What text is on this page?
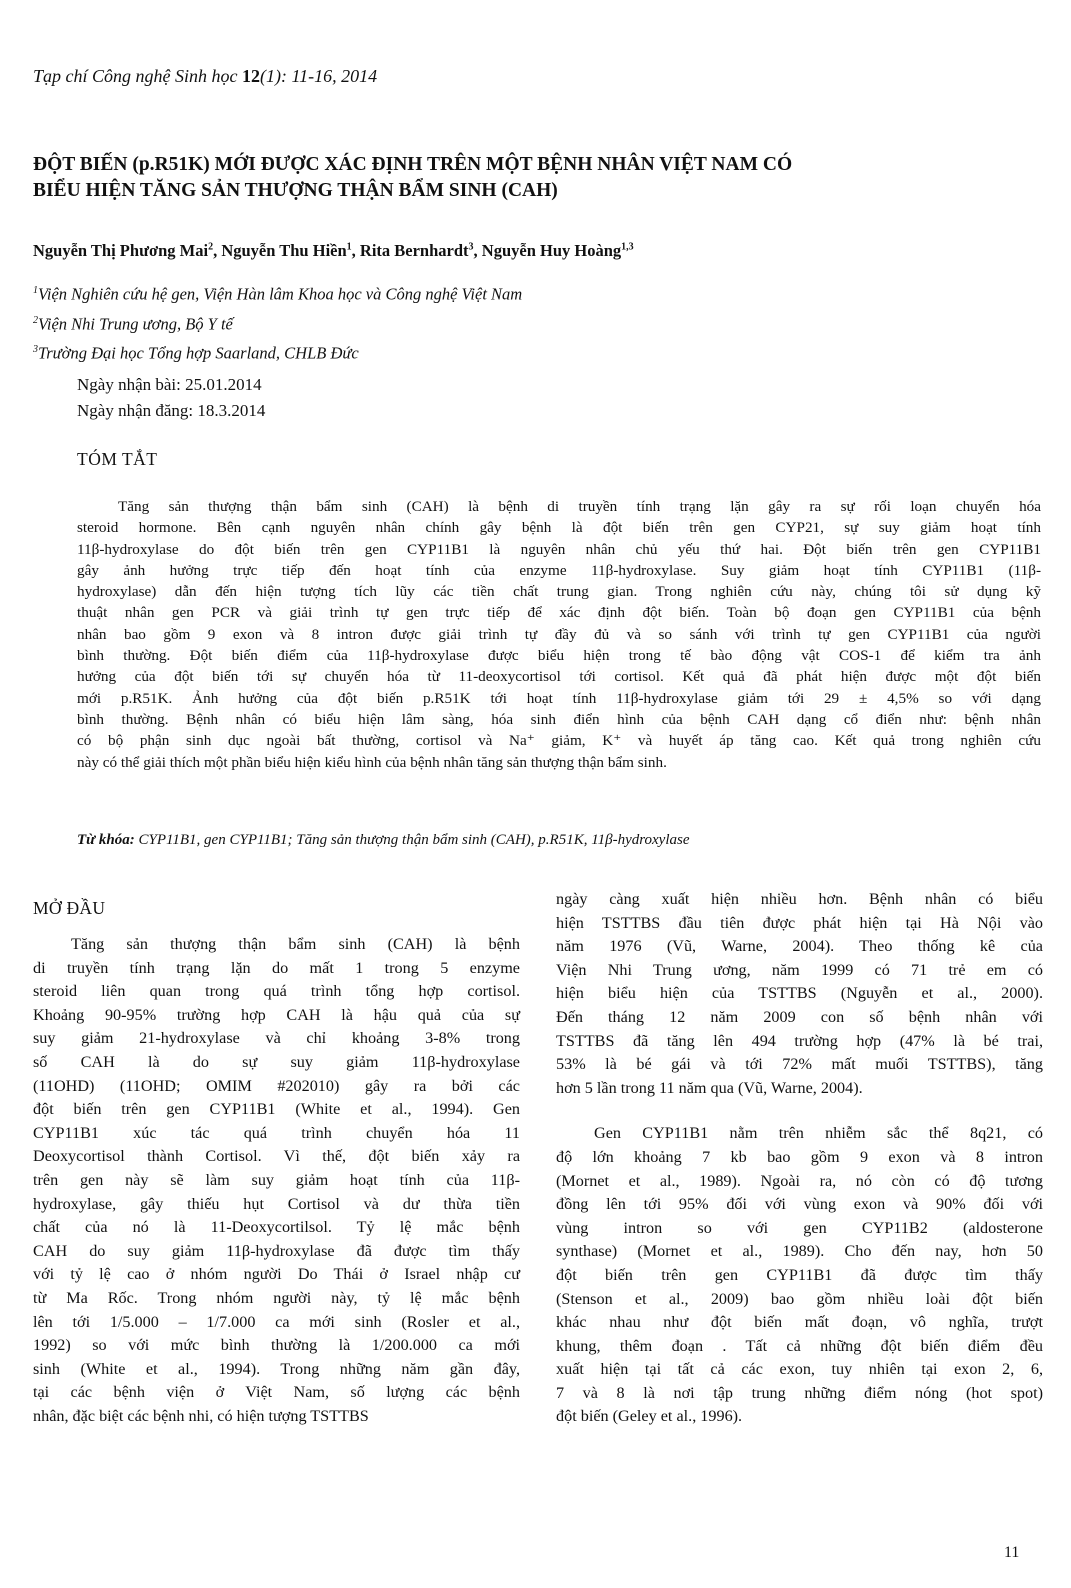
Tạp chí Công nghệ Sinh học 12(1): 11-16, 2014
ĐỘT BIẾN (p.R51K) MỚI ĐƯỢC XÁC ĐỊNH TRÊN MỘT BỆNH NHÂN VIỆT NAM CÓ
BIỂU HIỆN TĂNG SẢN THƯỢNG THẬN BẨM SINH (CAH)
Nguyễn Thị Phương Mai$^2$, Nguyễn Thu Hiền$^1$, Rita Bernhardt$^3$, Nguyễn Huy Hoàng$^{1,3}$
$^1$Viện Nghiên cứu hệ gen, Viện Hàn lâm Khoa học và Công nghệ Việt Nam
$^2$Viện Nhi Trung ương, Bộ Y tế
$^3$Trường Đại học Tổng hợp Saarland, CHLB Đức
Ngày nhận bài: 25.01.2014
Ngày nhận đăng: 18.3.2014
TÓM TẮT
Tăng sản thượng thận bẩm sinh (CAH) là bệnh di truyền tính trạng lặn gây ra sự rối loạn chuyển hóa
steroid hormone. Bên cạnh nguyên nhân chính gây bệnh là đột biến trên gen CYP21, sự suy giảm hoạt tính
11β-hydroxylase do đột biến trên gen CYP11B1 là nguyên nhân chủ yếu thứ hai. Đột biến trên gen CYP11B1
gây ảnh hưởng trực tiếp đến hoạt tính của enzyme 11β-hydroxylase. Suy giảm hoạt tính CYP11B1 (11β-
hydroxylase) dẫn đến hiện tượng tích lũy các tiền chất trung gian. Trong nghiên cứu này, chúng tôi sử dụng kỹ
thuật nhân gen PCR và giải trình tự gen trực tiếp để xác định đột biến. Toàn bộ đoạn gen CYP11B1 của bệnh
nhân bao gồm 9 exon và 8 intron được giải trình tự đầy đủ và so sánh với trình tự gen CYP11B1 của người
bình thường. Đột biến điểm của 11β-hydroxylase được biểu hiện trong tế bào động vật COS-1 để kiểm tra ảnh
hưởng của đột biến tới sự chuyển hóa từ 11-deoxycortisol tới cortisol. Kết quả đã phát hiện được một đột biến
mới p.R51K. Ảnh hưởng của đột biến p.R51K tới hoạt tính 11β-hydroxylase giảm tới 29 ± 4,5% so với dạng
bình thường. Bệnh nhân có biểu hiện lâm sàng, hóa sinh điển hình của bệnh CAH dạng cổ điển như: bệnh nhân
có bộ phận sinh dục ngoài bất thường, cortisol và Na⁺ giảm, K⁺ và huyết áp tăng cao. Kết quả trong nghiên cứu
này có thể giải thích một phần biểu hiện kiểu hình của bệnh nhân tăng sản thượng thận bẩm sinh.
Từ khóa: CYP11B1, gen CYP11B1; Tăng sản thượng thận bẩm sinh (CAH), p.R51K, 11β-hydroxylase
MỞ ĐẦU
Tăng sản thượng thận bẩm sinh (CAH) là bệnh
di truyền tính trạng lặn do mất 1 trong 5 enzyme
steroid liên quan trong quá trình tổng hợp cortisol.
Khoảng 90-95% trường hợp CAH là hậu quả của sự
suy giảm 21-hydroxylase và chỉ khoảng 3-8% trong
số CAH là do sự suy giảm 11β-hydroxylase
(11OHD) (11OHD; OMIM #202010) gây ra bởi các
đột biến trên gen CYP11B1 (White et al., 1994). Gen
CYP11B1 xúc tác quá trình chuyển hóa 11
Deoxycortisol thành Cortisol. Vì thế, đột biến xảy ra
trên gen này sẽ làm suy giảm hoạt tính của 11β-
hydroxylase, gây thiếu hụt Cortisol và dư thừa tiền
chất của nó là 11-Deoxycortilsol. Tỷ lệ mắc bệnh
CAH do suy giảm 11β-hydroxylase đã được tìm thấy
với tỷ lệ cao ở nhóm người Do Thái ở Israel nhập cư
từ Ma Rốc. Trong nhóm người này, tỷ lệ mắc bệnh
lên tới 1/5.000 – 1/7.000 ca mới sinh (Rosler et al.,
1992) so với mức bình thường là 1/200.000 ca mới
sinh (White et al., 1994). Trong những năm gần đây,
tại các bệnh viện ở Việt Nam, số lượng các bệnh
nhân, đặc biệt các bệnh nhi, có hiện tượng TSTTBS
ngày càng xuất hiện nhiều hơn. Bệnh nhân có biểu
hiện TSTTBS đầu tiên được phát hiện tại Hà Nội vào
năm 1976 (Vũ, Warne, 2004). Theo thống kê của
Viện Nhi Trung ương, năm 1999 có 71 trẻ em có
hiện biểu hiện của TSTTBS (Nguyễn et al., 2000).
Đến tháng 12 năm 2009 con số bệnh nhân với
TSTTBS đã tăng lên 494 trường hợp (47% là bé trai,
53% là bé gái và tới 72% mất muối TSTTBS), tăng
hơn 5 lần trong 11 năm qua (Vũ, Warne, 2004).
Gen CYP11B1 nằm trên nhiễm sắc thể 8q21, có
độ lớn khoảng 7 kb bao gồm 9 exon và 8 intron
(Mornet et al., 1989). Ngoài ra, nó còn có độ tương
đồng lên tới 95% đối với vùng exon và 90% đối với
vùng intron so với gen CYP11B2 (aldosterone
synthase) (Mornet et al., 1989). Cho đến nay, hơn 50
đột biến trên gen CYP11B1 đã được tìm thấy
(Stenson et al., 2009) bao gồm nhiều loài đột biến
khác nhau như đột biến mất đoạn, vô nghĩa, trượt
khung, thêm đoạn . Tất cả những đột biến điểm đều
xuất hiện tại tất cả các exon, tuy nhiên tại exon 2, 6,
7 và 8 là nơi tập trung những điểm nóng (hot spot)
đột biến (Geley et al., 1996).
11
